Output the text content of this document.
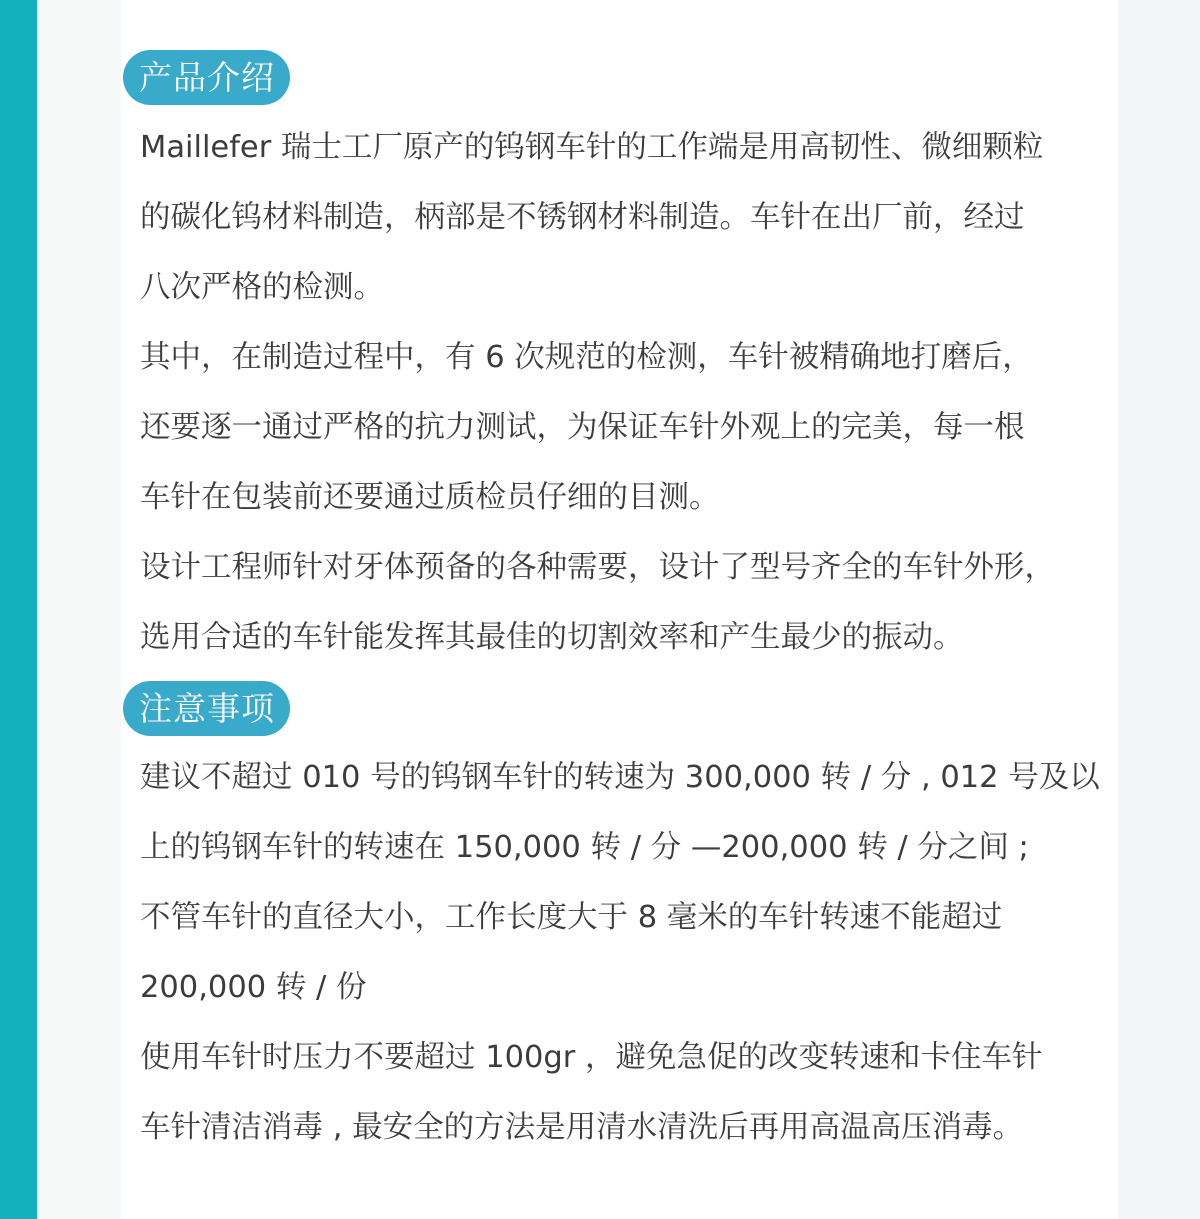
产品介绍
Maillefer 瑞士工厂原产的钨钢车针的工作端是用高韧性、微细颗粒
的碳化钨材料制造，柄部是不锈钢材料制造。车针在出厂前，经过
八次严格的检测。
其中，在制造过程中，有 6 次规范的检测，车针被精确地打磨后，
还要逐一通过严格的抗力测试，为保证车针外观上的完美，每一根
车针在包装前还要通过质检员仔细的目测。
设计工程师针对牙体预备的各种需要，设计了型号齐全的车针外形，
选用合适的车针能发挥其最佳的切割效率和产生最少的振动。
注意事项
建议不超过 010 号的钨钢车针的转速为 300,000 转 / 分 , 012 号及以
上的钨钢车针的转速在 150,000 转 / 分 —200,000 转 / 分之间 ;
不管车针的直径大小，工作长度大于 8 毫米的车针转速不能超过
200,000 转 / 份
使用车针时压力不要超过 100gr ，避免急促的改变转速和卡住车针
车针清洁消毒 , 最安全的方法是用清水清洗后再用高温高压消毒。
